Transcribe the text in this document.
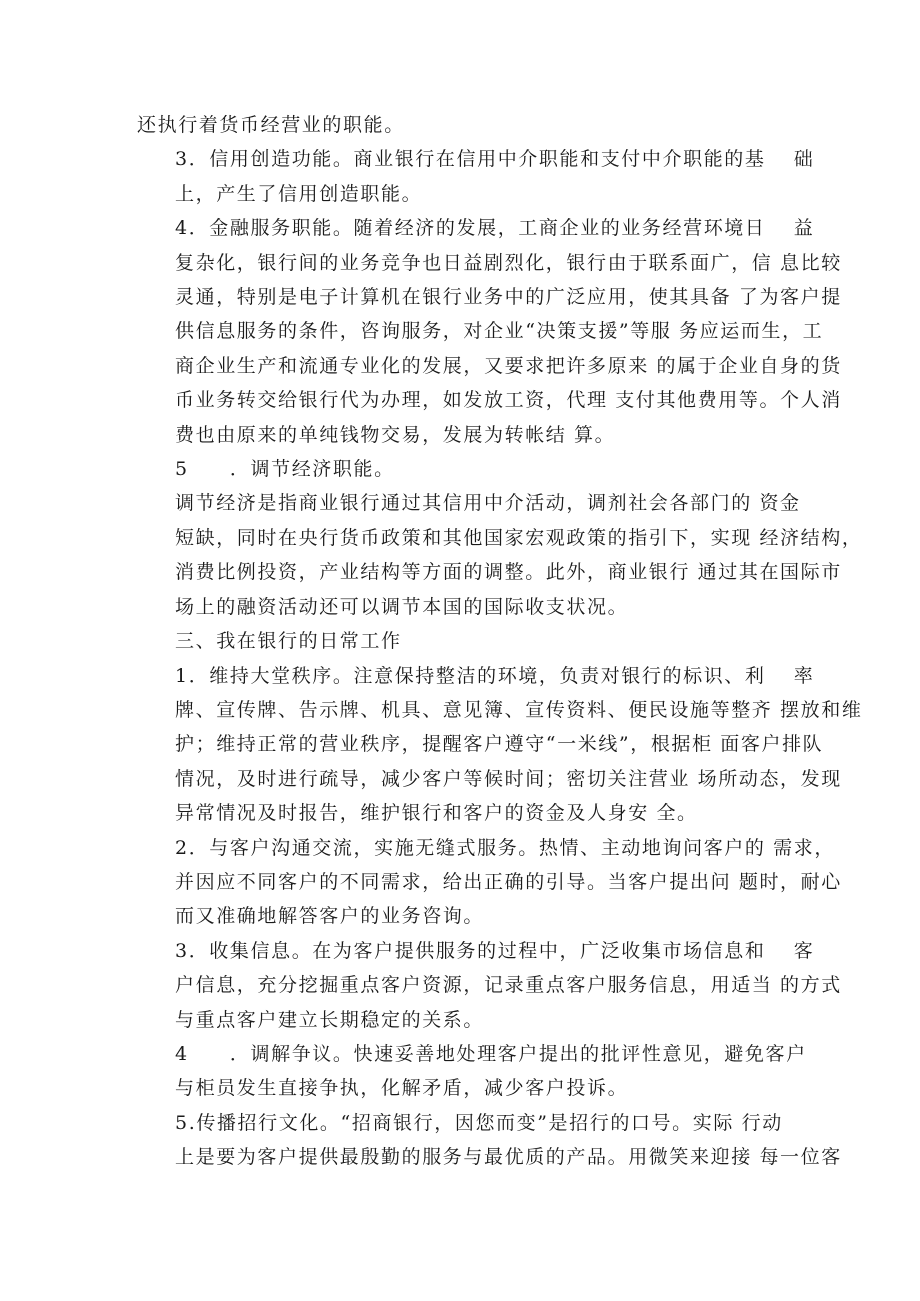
还执行着货币经营业的职能。
3．信用创造功能。商业银行在信用中介职能和支付中介职能的基　 础
上，产生了信用创造职能。
4．金融服务职能。随着经济的发展，工商企业的业务经营环境日　 益
复杂化，银行间的业务竞争也日益剧烈化，银行由于联系面广，信 息比较
灵通，特别是电子计算机在银行业务中的广泛应用，使其具备 了为客户提
供信息服务的条件，咨询服务，对企业“决策支援”等服 务应运而生，工
商企业生产和流通专业化的发展，又要求把许多原来 的属于企业自身的货
币业务转交给银行代为办理，如发放工资，代理 支付其他费用等。个人消
费也由原来的单纯钱物交易，发展为转帐结 算。
5　　．调节经济职能。
调节经济是指商业银行通过其信用中介活动，调剂社会各部门的 资金
短缺，同时在央行货币政策和其他国家宏观政策的指引下，实现 经济结构，
消费比例投资，产业结构等方面的调整。此外，商业银行 通过其在国际市
场上的融资活动还可以调节本国的国际收支状况。
三、我在银行的日常工作
1．维持大堂秩序。注意保持整洁的环境，负责对银行的标识、利　 率
牌、宣传牌、告示牌、机具、意见簿、宣传资料、便民设施等整齐 摆放和维
护；维持正常的营业秩序，提醒客户遵守“一米线”，根据柜 面客户排队
情况，及时进行疏导，减少客户等候时间；密切关注营业 场所动态，发现
异常情况及时报告，维护银行和客户的资金及人身安 全。
2．与客户沟通交流，实施无缝式服务。热情、主动地询问客户的 需求，
并因应不同客户的不同需求，给出正确的引导。当客户提出问 题时，耐心
而又准确地解答客户的业务咨询。
3．收集信息。在为客户提供服务的过程中，广泛收集市场信息和　 客
户信息，充分挖掘重点客户资源，记录重点客户服务信息，用适当 的方式
与重点客户建立长期稳定的关系。
4　　．调解争议。快速妥善地处理客户提出的批评性意见，避免客户
与柜员发生直接争执，化解矛盾，减少客户投诉。
5.传播招行文化。“招商银行，因您而变”是招行的口号。实际 行动
上是要为客户提供最殷勤的服务与最优质的产品。用微笑来迎接 每一位客
